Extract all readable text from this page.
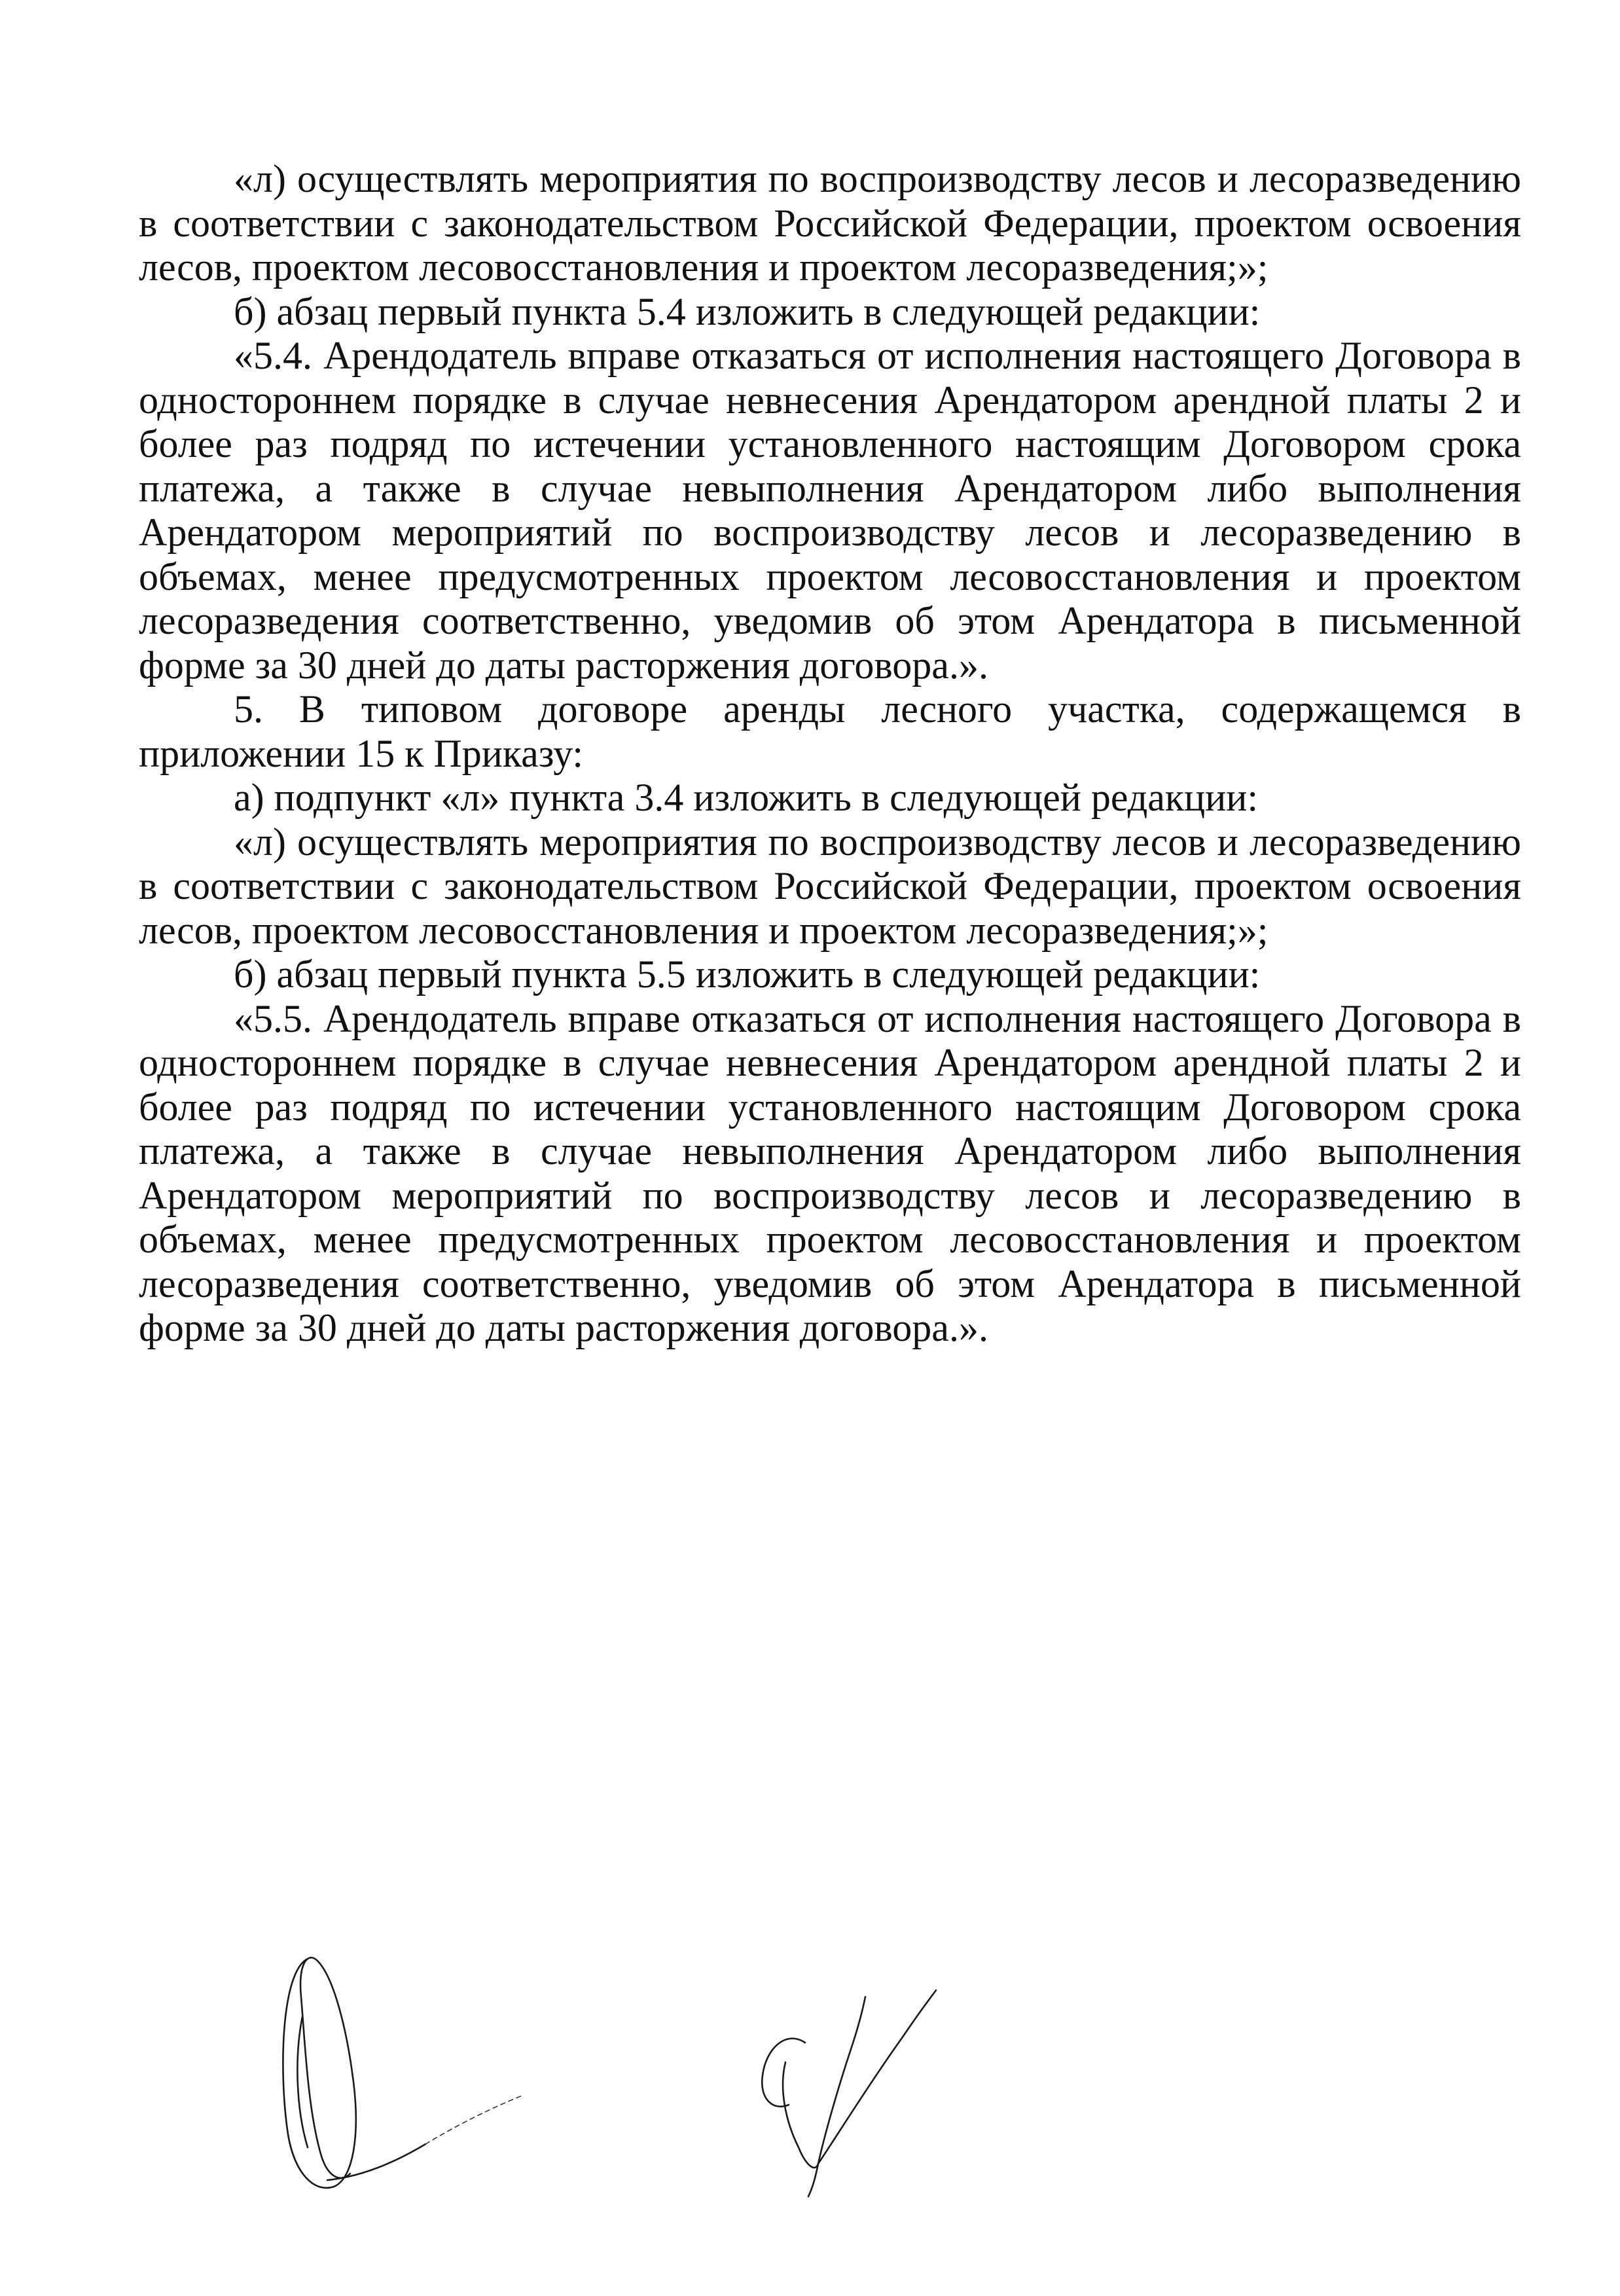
«л) осуществлять мероприятия по воспроизводству лесов и лесоразведению в соответствии с законодательством Российской Федерации, проектом освоения лесов, проектом лесовосстановления и проектом лесоразведения;»;

б) абзац первый пункта 5.4 изложить в следующей редакции:

«5.4. Арендодатель вправе отказаться от исполнения настоящего Договора в одностороннем порядке в случае невнесения Арендатором арендной платы 2 и более раз подряд по истечении установленного настоящим Договором срока платежа, а также в случае невыполнения Арендатором либо выполнения Арендатором мероприятий по воспроизводству лесов и лесоразведению в объемах, менее предусмотренных проектом лесовосстановления и проектом лесоразведения соответственно, уведомив об этом Арендатора в письменной форме за 30 дней до даты расторжения договора.».

5. В типовом договоре аренды лесного участка, содержащемся в приложении 15 к Приказу:

а) подпункт «л» пункта 3.4 изложить в следующей редакции:

«л) осуществлять мероприятия по воспроизводству лесов и лесоразведению в соответствии с законодательством Российской Федерации, проектом освоения лесов, проектом лесовосстановления и проектом лесоразведения;»;

б) абзац первый пункта 5.5 изложить в следующей редакции:

«5.5. Арендодатель вправе отказаться от исполнения настоящего Договора в одностороннем порядке в случае невнесения Арендатором арендной платы 2 и более раз подряд по истечении установленного настоящим Договором срока платежа, а также в случае невыполнения Арендатором либо выполнения Арендатором мероприятий по воспроизводству лесов и лесоразведению в объемах, менее предусмотренных проектом лесовосстановления и проектом лесоразведения соответственно, уведомив об этом Арендатора в письменной форме за 30 дней до даты расторжения договора.».
